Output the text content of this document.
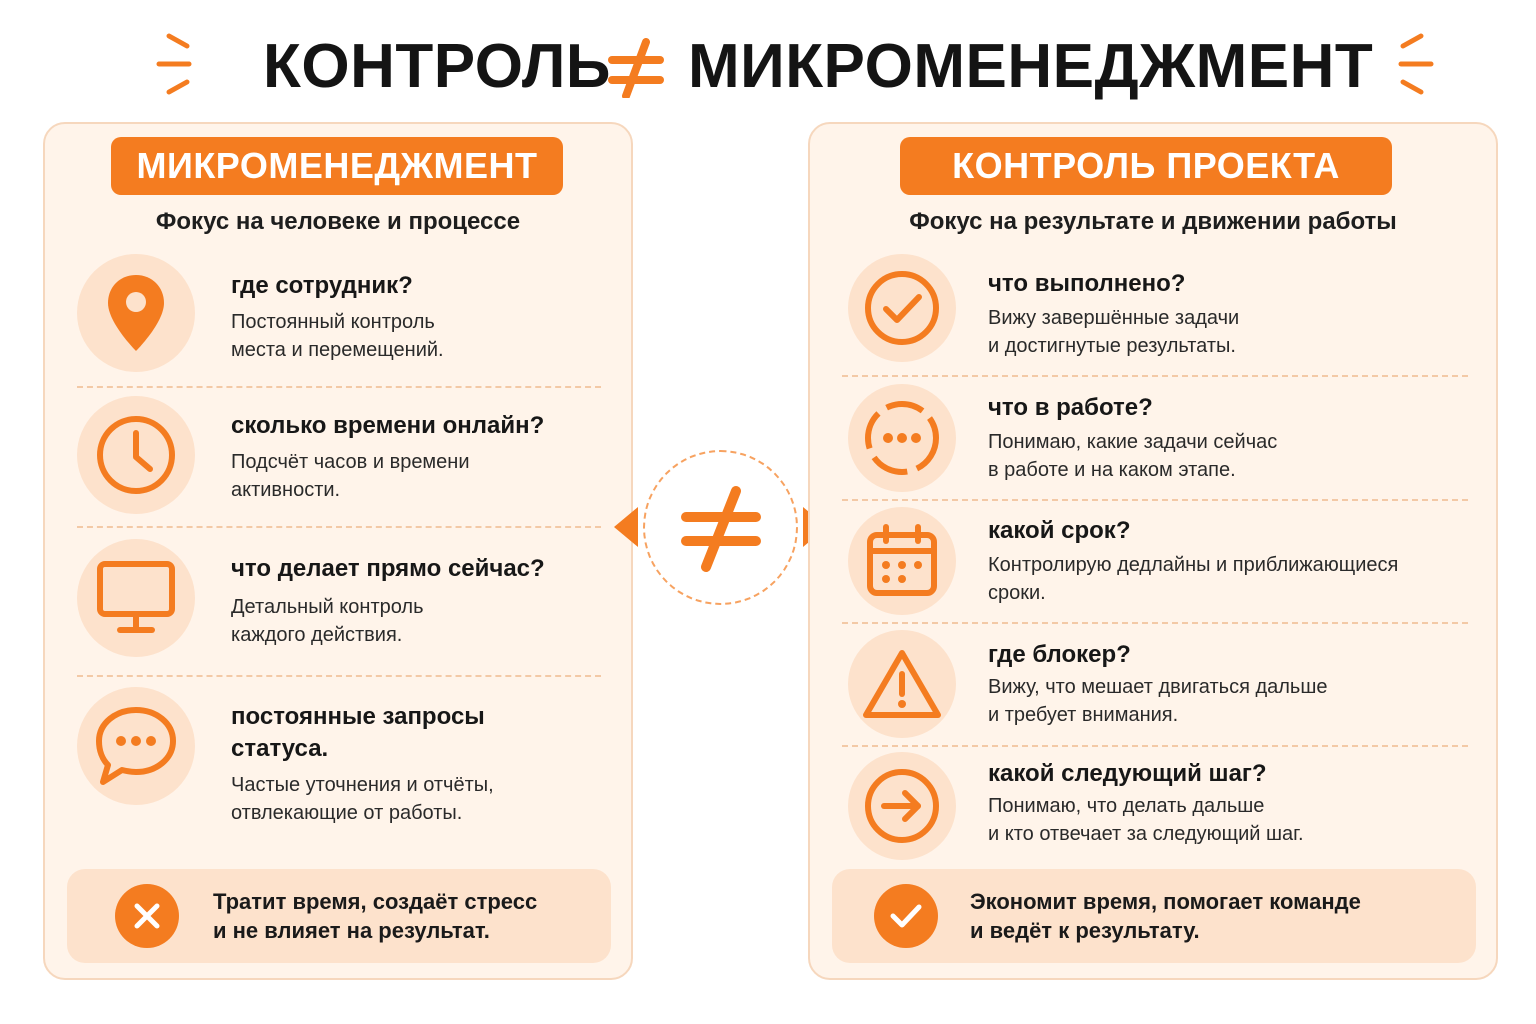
КОНТРОЛЬ МИКРОМЕНЕДЖМЕНТ
МИКРОМЕНЕДЖМЕНТ
Фокус на человеке и процессе
где сотрудник?
Постоянный контроль
места и перемещений.
сколько времени онлайн?
Подсчёт часов и времени
активности.
что делает прямо сейчас?
Детальный контроль
каждого действия.
постоянные запросы
статуса.
Частые уточнения и отчёты,
отвлекающие от работы.
Тратит время, создаёт стресс
и не влияет на результат.
КОНТРОЛЬ ПРОЕКТА
Фокус на результате и движении работы
что выполнено?
Вижу завершённые задачи
и достигнутые результаты.
что в работе?
Понимаю, какие задачи сейчас
в работе и на каком этапе.
какой срок?
Контролирую дедлайны и приближающиеся
сроки.
где блокер?
Вижу, что мешает двигаться дальше
и требует внимания.
какой следующий шаг?
Понимаю, что делать дальше
и кто отвечает за следующий шаг.
Экономит время, помогает команде
и ведёт к результату.
